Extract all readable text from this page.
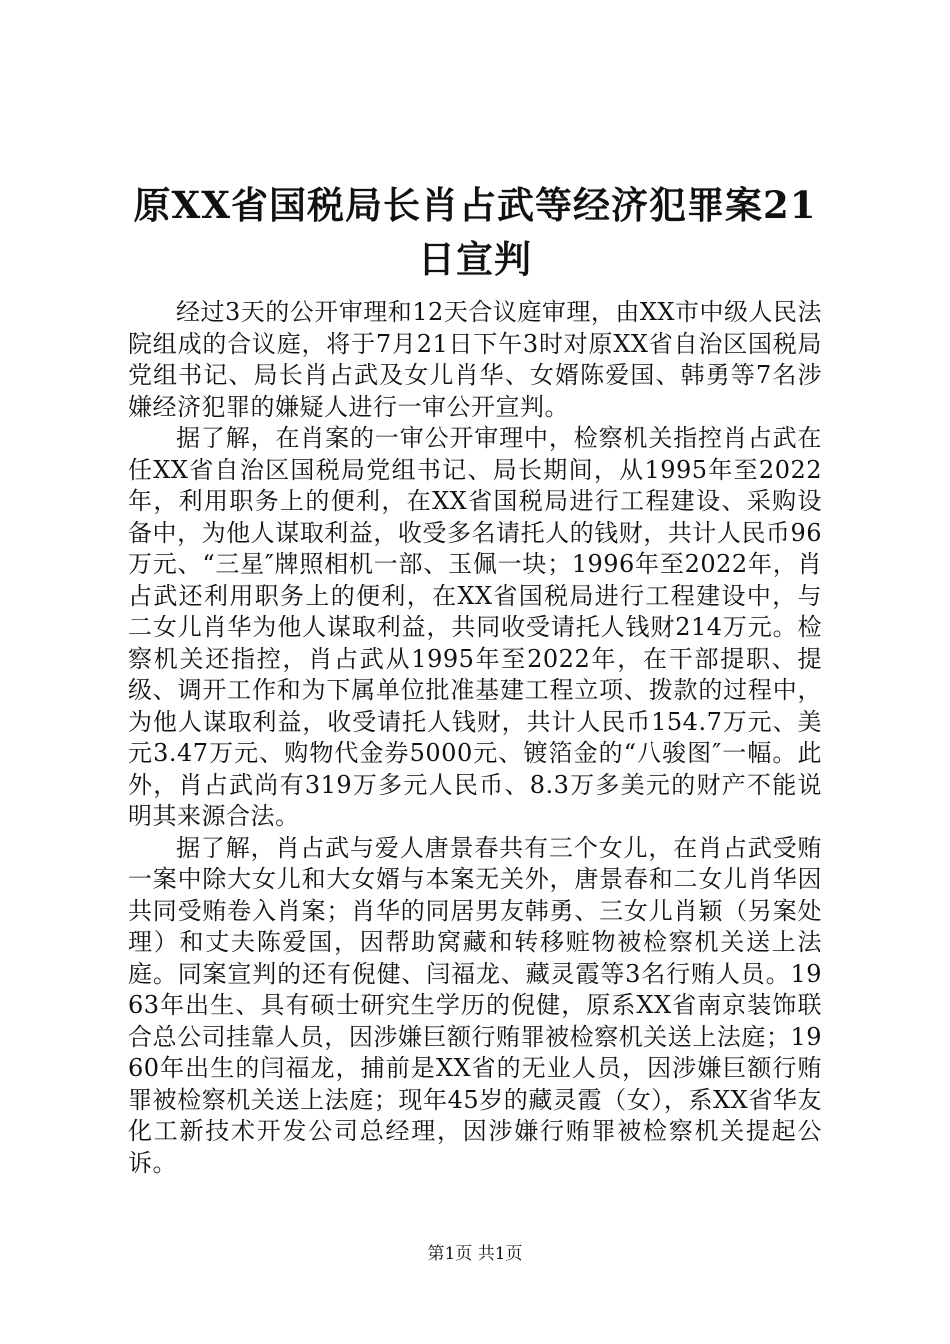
原XX省国税局长肖占武等经济犯罪案21日宣判

经过3天的公开审理和12天合议庭审理，由XX市中级人民法院组成的合议庭，将于7月21日下午3时对原XX省自治区国税局党组书记、局长肖占武及女儿肖华、女婿陈爱国、韩勇等7名涉嫌经济犯罪的嫌疑人进行一审公开宣判。

据了解，在肖案的一审公开审理中，检察机关指控肖占武在任XX省自治区国税局党组书记、局长期间，从1995年至2022年，利用职务上的便利，在XX省国税局进行工程建设、采购设备中，为他人谋取利益，收受多名请托人的钱财，共计人民币96万元、“三星″牌照相机一部、玉佩一块；1996年至2022年，肖占武还利用职务上的便利，在XX省国税局进行工程建设中，与二女儿肖华为他人谋取利益，共同收受请托人钱财214万元。检察机关还指控，肖占武从1995年至2022年，在干部提职、提级、调开工作和为下属单位批准基建工程立项、拨款的过程中，为他人谋取利益，收受请托人钱财，共计人民币154.7万元、美元3.47万元、购物代金券5000元、镀箔金的“八骏图″一幅。此外，肖占武尚有319万多元人民币、8.3万多美元的财产不能说明其来源合法。

据了解，肖占武与爱人唐景春共有三个女儿，在肖占武受贿一案中除大女儿和大女婿与本案无关外，唐景春和二女儿肖华因共同受贿卷入肖案；肖华的同居男友韩勇、三女儿肖颖（另案处理）和丈夫陈爱国，因帮助窝藏和转移赃物被检察机关送上法庭。同案宣判的还有倪健、闫福龙、藏灵霞等3名行贿人员。1963年出生、具有硕士研究生学历的倪健，原系XX省南京装饰联合总公司挂靠人员，因涉嫌巨额行贿罪被检察机关送上法庭；1960年出生的闫福龙，捕前是XX省的无业人员，因涉嫌巨额行贿罪被检察机关送上法庭；现年45岁的藏灵霞（女），系XX省华友化工新技术开发公司总经理，因涉嫌行贿罪被检察机关提起公诉。

第1页 共1页
